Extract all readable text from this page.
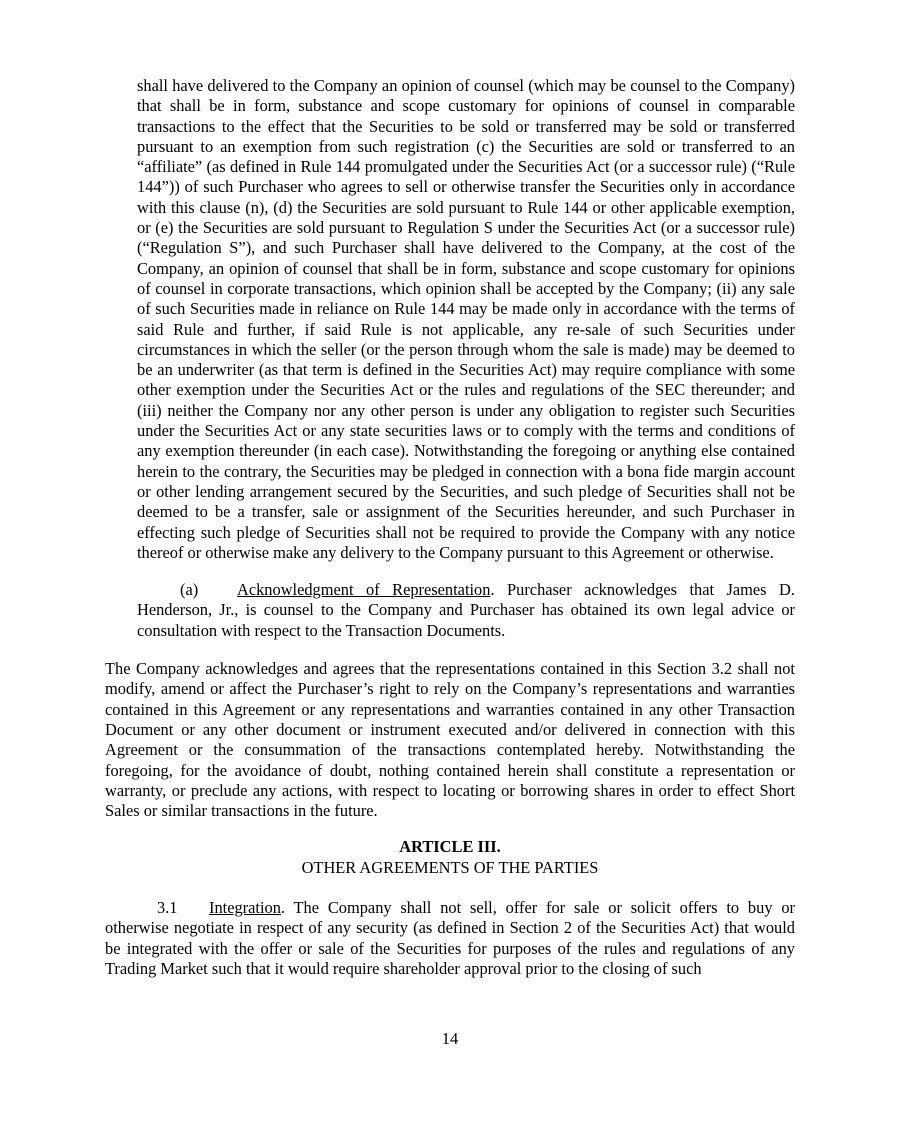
shall have delivered to the Company an opinion of counsel (which may be counsel to the Company) that shall be in form, substance and scope customary for opinions of counsel in comparable transactions to the effect that the Securities to be sold or transferred may be sold or transferred pursuant to an exemption from such registration (c) the Securities are sold or transferred to an “affiliate” (as defined in Rule 144 promulgated under the Securities Act (or a successor rule) (“Rule 144”)) of such Purchaser who agrees to sell or otherwise transfer the Securities only in accordance with this clause (n), (d) the Securities are sold pursuant to Rule 144 or other applicable exemption, or (e) the Securities are sold pursuant to Regulation S under the Securities Act (or a successor rule) (“Regulation S”), and such Purchaser shall have delivered to the Company, at the cost of the Company, an opinion of counsel that shall be in form, substance and scope customary for opinions of counsel in corporate transactions, which opinion shall be accepted by the Company; (ii) any sale of such Securities made in reliance on Rule 144 may be made only in accordance with the terms of said Rule and further, if said Rule is not applicable, any re-sale of such Securities under circumstances in which the seller (or the person through whom the sale is made) may be deemed to be an underwriter (as that term is defined in the Securities Act) may require compliance with some other exemption under the Securities Act or the rules and regulations of the SEC thereunder; and (iii) neither the Company nor any other person is under any obligation to register such Securities under the Securities Act or any state securities laws or to comply with the terms and conditions of any exemption thereunder (in each case). Notwithstanding the foregoing or anything else contained herein to the contrary, the Securities may be pledged in connection with a bona fide margin account or other lending arrangement secured by the Securities, and such pledge of Securities shall not be deemed to be a transfer, sale or assignment of the Securities hereunder, and such Purchaser in effecting such pledge of Securities shall not be required to provide the Company with any notice thereof or otherwise make any delivery to the Company pursuant to this Agreement or otherwise.

(a) Acknowledgment of Representation. Purchaser acknowledges that James D. Henderson, Jr., is counsel to the Company and Purchaser has obtained its own legal advice or consultation with respect to the Transaction Documents.

The Company acknowledges and agrees that the representations contained in this Section 3.2 shall not modify, amend or affect the Purchaser’s right to rely on the Company’s representations and warranties contained in this Agreement or any representations and warranties contained in any other Transaction Document or any other document or instrument executed and/or delivered in connection with this Agreement or the consummation of the transactions contemplated hereby. Notwithstanding the foregoing, for the avoidance of doubt, nothing contained herein shall constitute a representation or warranty, or preclude any actions, with respect to locating or borrowing shares in order to effect Short Sales or similar transactions in the future.

ARTICLE III.
OTHER AGREEMENTS OF THE PARTIES

3.1 Integration. The Company shall not sell, offer for sale or solicit offers to buy or otherwise negotiate in respect of any security (as defined in Section 2 of the Securities Act) that would be integrated with the offer or sale of the Securities for purposes of the rules and regulations of any Trading Market such that it would require shareholder approval prior to the closing of such

14
